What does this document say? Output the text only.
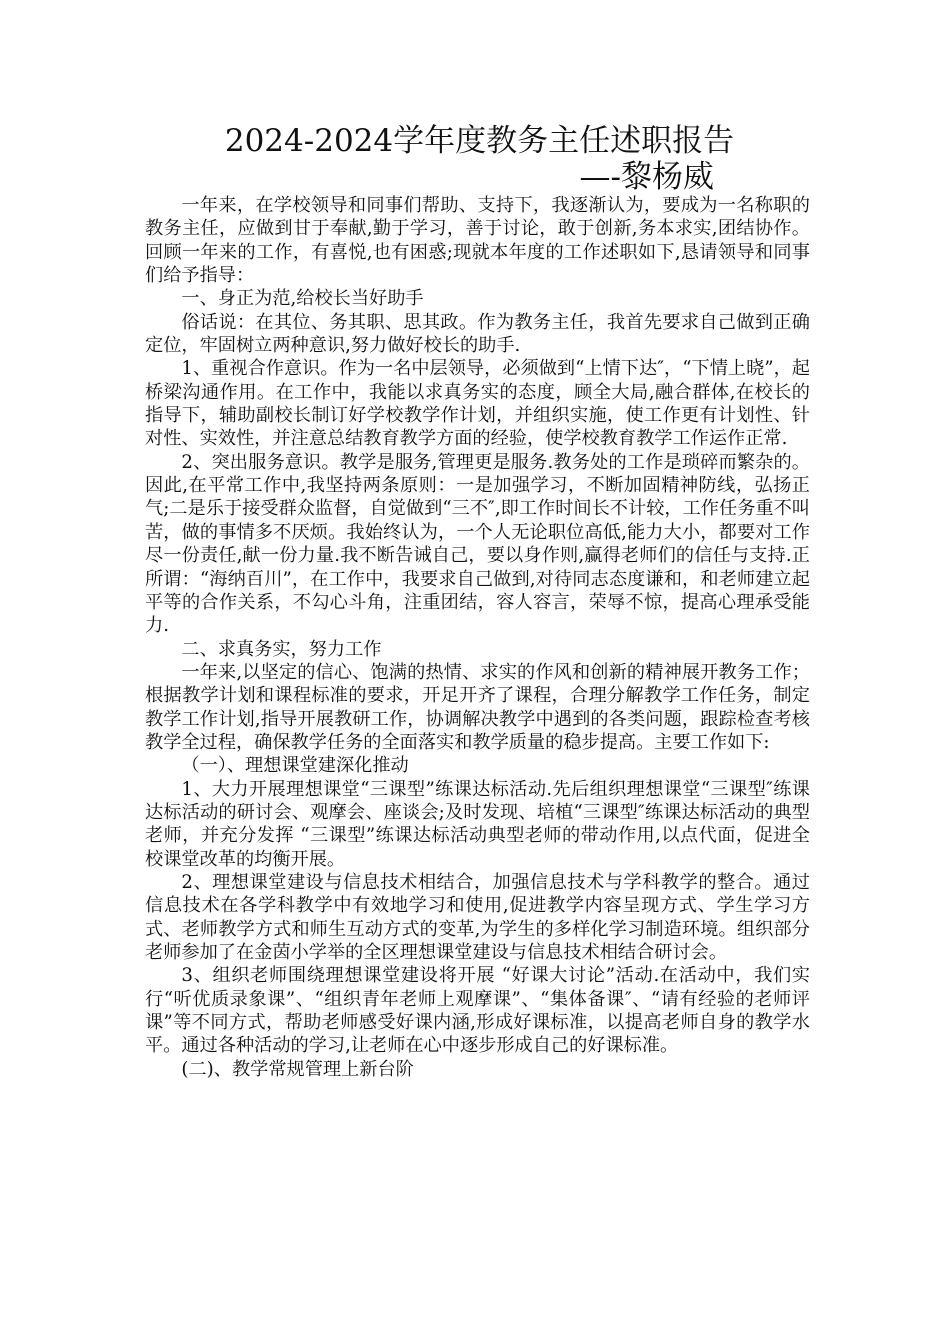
2024-2024学年度教务主任述职报告
—-黎杨威

一年来，在学校领导和同事们帮助、支持下，我逐渐认为，要成为一名称职的教务主任，应做到甘于奉献,勤于学习，善于讨论，敢于创新,务本求实,团结协作。回顾一年来的工作，有喜悦,也有困惑;现就本年度的工作述职如下,恳请领导和同事们给予指导：

一、身正为范,给校长当好助手

俗话说：在其位、务其职、思其政。作为教务主任，我首先要求自己做到正确定位，牢固树立两种意识,努力做好校长的助手.

1、重视合作意识。作为一名中层领导，必须做到“上情下达″，“下情上晓”，起桥梁沟通作用。在工作中，我能以求真务实的态度，顾全大局,融合群体,在校长的指导下，辅助副校长制订好学校教学作计划，并组织实施，使工作更有计划性、针对性、实效性，并注意总结教育教学方面的经验，使学校教育教学工作运作正常.

2、突出服务意识。教学是服务,管理更是服务.教务处的工作是琐碎而繁杂的。因此,在平常工作中,我坚持两条原则：一是加强学习，不断加固精神防线，弘扬正气;二是乐于接受群众监督，自觉做到“三不″,即工作时间长不计较，工作任务重不叫苦，做的事情多不厌烦。我始终认为，一个人无论职位高低,能力大小，都要对工作尽一份责任,献一份力量.我不断告诫自己，要以身作则,赢得老师们的信任与支持.正所谓：“海纳百川”，在工作中，我要求自己做到,对待同志态度谦和，和老师建立起平等的合作关系，不勾心斗角，注重团结，容人容言，荣辱不惊，提高心理承受能力.

二、求真务实，努力工作

一年来,以坚定的信心、饱满的热情、求实的作风和创新的精神展开教务工作；根据教学计划和课程标准的要求，开足开齐了课程，合理分解教学工作任务，制定教学工作计划,指导开展教研工作，协调解决教学中遇到的各类问题，跟踪检查考核教学全过程，确保教学任务的全面落实和教学质量的稳步提高。主要工作如下:

（一）、理想课堂建深化推动

1、大力开展理想课堂“三课型”练课达标活动.先后组织理想课堂“三课型″练课达标活动的研讨会、观摩会、座谈会;及时发现、培植“三课型″练课达标活动的典型老师，并充分发挥 “三课型”练课达标活动典型老师的带动作用,以点代面，促进全校课堂改革的均衡开展。

2、理想课堂建设与信息技术相结合，加强信息技术与学科教学的整合。通过信息技术在各学科教学中有效地学习和使用,促进教学内容呈现方式、学生学习方式、老师教学方式和师生互动方式的变革,为学生的多样化学习制造环境。组织部分老师参加了在金茵小学举的全区理想课堂建设与信息技术相结合研讨会。

3、组织老师围绕理想课堂建设将开展 “好课大讨论”活动.在活动中，我们实行“听优质录象课”、“组织青年老师上观摩课”、“集体备课″、“请有经验的老师评课”等不同方式，帮助老师感受好课内涵,形成好课标准，以提高老师自身的教学水平。通过各种活动的学习,让老师在心中逐步形成自己的好课标准。

(二)、教学常规管理上新台阶
